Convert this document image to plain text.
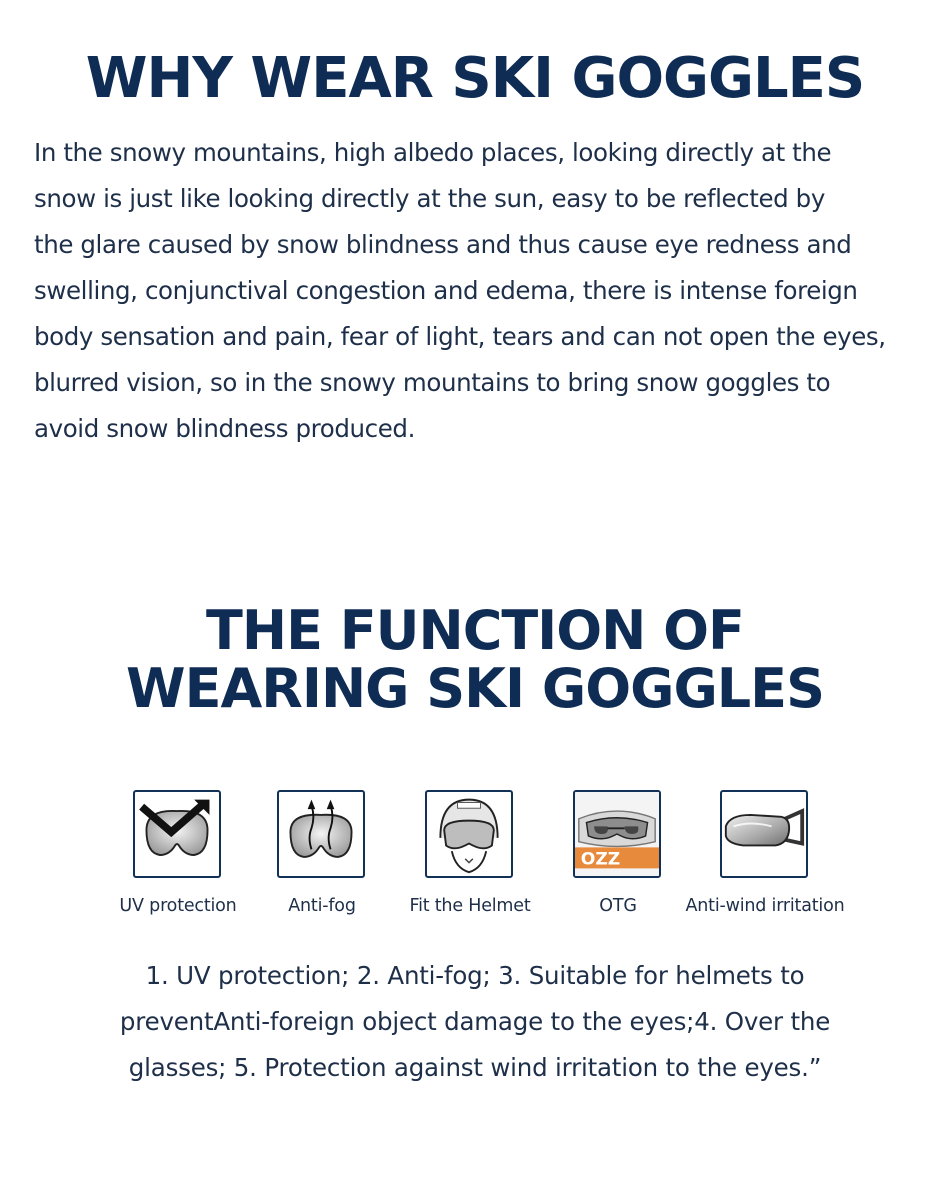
WHY WEAR SKI GOGGLES

In the snowy mountains, high albedo places, looking directly at the
snow is just like looking directly at the sun, easy to be reflected by
the glare caused by snow blindness and thus cause eye redness and
swelling, conjunctival congestion and edema, there is intense foreign
body sensation and pain, fear of light, tears and can not open the eyes,
blurred vision, so in the snowy mountains to bring snow goggles to
avoid snow blindness produced.

THE FUNCTION OF
WEARING SKI GOGGLES
UV protection	Anti-fog	Fit the Helmet
OZZ
OTG	Anti-wind irritation

1. UV protection; 2. Anti-fog; 3. Suitable for helmets to
preventAnti-foreign object damage to the eyes;4. Over the
glasses; 5. Protection against wind irritation to the eyes.”
